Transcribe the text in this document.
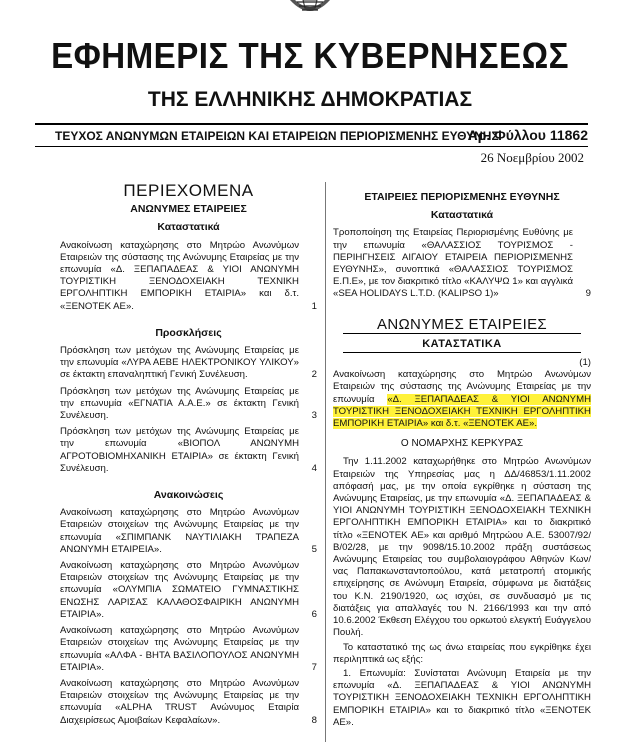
ΕΦΗΜΕΡΙΣ ΤΗΣ ΚΥΒΕΡΝΗΣΕΩΣ
ΤΗΣ ΕΛΛΗΝΙΚΗΣ ΔΗΜΟΚΡΑΤΙΑΣ
ΤΕΥΧΟΣ ΑΝΩΝΥΜΩΝ ΕΤΑΙΡΕΙΩΝ ΚΑΙ ΕΤΑΙΡΕΙΩΝ ΠΕΡΙΟΡΙΣΜΕΝΗΣ ΕΥΘΥΝΗΣ
Αρ. Φύλλου 11862
26 Νοεμβρίου 2002
ΠΕΡΙΕΧΟΜΕΝΑ
ΑΝΩΝΥΜΕΣ ΕΤΑΙΡΕΙΕΣ
Καταστατικά
Ανακοίνωση καταχώρησης στο Μητρώο Ανωνύμων Εταιρειών της σύστασης της Ανώνυμης Εταιρείας με την επωνυμία «Δ. ΞΕΠΑΠΑΔΕΑΣ & ΥΙΟΙ ΑΝΩΝΥΜΗ ΤΟΥΡΙΣΤΙΚΗ ΞΕΝΟΔΟΧΕΙΑΚΗ ΤΕΧΝΙΚΗ ΕΡΓΟΛΗΠΤΙΚΗ ΕΜΠΟΡΙΚΗ ΕΤΑΙΡΙΑ» και δ.τ. «ΞΕΝΟΤΕΚ ΑΕ».	1
Προσκλήσεις
Πρόσκληση των μετόχων της Ανώνυμης Εταιρείας με την επωνυμία «ΛΥΡΑ ΑΕΒΕ ΗΛΕΚΤΡΟΝΙΚΟΥ ΥΛΙΚΟΥ» σε έκτακτη επαναληπτική Γενική Συνέλευση.	2
Πρόσκληση των μετόχων της Ανώνυμης Εταιρείας με την επωνυμία «ΕΓΝΑΤΙΑ Α.Α.Ε.» σε έκτακτη Γενική Συνέλευση.	3
Πρόσκληση των μετόχων της Ανώνυμης Εταιρείας με την επωνυμία «ΒΙΟΠΟΛ ΑΝΩΝΥΜΗ ΑΓΡΟΤΟΒΙΟΜΗΧΑΝΙΚΗ ΕΤΑΙΡΙΑ» σε έκτακτη Γενική Συνέλευση.	4
Ανακοινώσεις
Ανακοίνωση καταχώρησης στο Μητρώο Ανωνύμων Εταιρειών στοιχείων της Ανώνυμης Εταιρείας με την επωνυμία «ΣΠΙΜΠΑΝΚ ΝΑΥΤΙΛΙΑΚΗ ΤΡΑΠΕΖΑ ΑΝΩΝΥΜΗ ΕΤΑΙΡΕΙΑ».	5
Ανακοίνωση καταχώρησης στο Μητρώο Ανωνύμων Εταιρειών στοιχείων της Ανώνυμης Εταιρείας με την επωνυμία «ΟΛΥΜΠΙΑ ΣΩΜΑΤΕΙΟ ΓΥΜΝΑΣΤΙΚΗΣ ΕΝΩΣΗΣ ΛΑΡΙΣΑΣ ΚΑΛΑΘΟΣΦΑΙΡΙΚΗ ΑΝΩΝΥΜΗ ΕΤΑΙΡΙΑ».	6
Ανακοίνωση καταχώρησης στο Μητρώο Ανωνύμων Εταιρειών στοιχείων της Ανώνυμης Εταιρείας με την επωνυμία «ΑΛΦΑ - ΒΗΤΑ ΒΑΣΙΛΟΠΟΥΛΟΣ ΑΝΩΝΥΜΗ ΕΤΑΙΡΙΑ».	7
Ανακοίνωση καταχώρησης στο Μητρώο Ανωνύμων Εταιρειών στοιχείων της Ανώνυμης Εταιρείας με την επωνυμία «ALPHA TRUST Ανώνυμος Εταιρία Διαχειρίσεως Αμοιβαίων Κεφαλαίων».	8
ΕΤΑΙΡΕΙΕΣ ΠΕΡΙΟΡΙΣΜΕΝΗΣ ΕΥΘΥΝΗΣ
Καταστατικά
Τροποποίηση της Εταιρείας Περιορισμένης Ευθύνης με την επωνυμία «ΘΑΛΑΣΣΙΟΣ ΤΟΥΡΙΣΜΟΣ - ΠΕΡΙΗΓΗΣΕΙΣ ΑΙΓΑΙΟΥ ΕΤΑΙΡΕΙΑ ΠΕΡΙΟΡΙΣΜΕΝΗΣ ΕΥΘΥΝΗΣ», συνοπτικά «ΘΑΛΑΣΣΙΟΣ ΤΟΥΡΙΣΜΟΣ Ε.Π.Ε», με τον διακριτικό τίτλο «ΚΑΛΥΨΩ 1» και αγγλικά «SEA HOLIDAYS L.T.D. (KALIPSO 1)»	9
ΑΝΩΝΥΜΕΣ ΕΤΑΙΡΕΙΕΣ
ΚΑΤΑΣΤΑΤΙΚΑ
(1)
Ανακοίνωση καταχώρησης στο Μητρώο Ανωνύμων Εταιρειών της σύστασης της Ανώνυμης Εταιρείας με την επωνυμία «Δ. ΞΕΠΑΠΑΔΕΑΣ & ΥΙΟΙ ΑΝΩΝΥΜΗ ΤΟΥΡΙΣΤΙΚΗ ΞΕΝΟΔΟΧΕΙΑΚΗ ΤΕΧΝΙΚΗ ΕΡΓΟΛΗΠΤΙΚΗ ΕΜΠΟΡΙΚΗ ΕΤΑΙΡΙΑ» και δ.τ. «ΞΕΝΟΤΕΚ ΑΕ».
Ο ΝΟΜΑΡΧΗΣ ΚΕΡΚΥΡΑΣ
Την 1.11.2002 καταχωρήθηκε στο Μητρώο Ανωνύμων Εταιρειών της Υπηρεσίας μας η ΔΔ/46853/1.11.2002 απόφασή μας, με την οποία εγκρίθηκε η σύσταση της Ανώνυμης Εταιρείας, με την επωνυμία «Δ. ΞΕΠΑΠΑΔΕΑΣ & ΥΙΟΙ ΑΝΩΝΥΜΗ ΤΟΥΡΙΣΤΙΚΗ ΞΕΝΟΔΟΧΕΙΑΚΗ ΤΕΧΝΙΚΗ ΕΡΓΟΛΗΠΤΙΚΗ ΕΜΠΟΡΙΚΗ ΕΤΑΙΡΙΑ» και το διακριτικό τίτλο «ΞΕΝΟΤΕΚ ΑΕ» και αριθμό Μητρώου Α.Ε. 53007/92/Β/02/28, με την 9098/15.10.2002 πράξη συστάσεως Ανώνυμης Εταιρείας του συμβολαιογράφου Αθηνών Κων/νας Παπακωνσταντοπούλου, κατά μετατροπή ατομικής επιχείρησης σε Ανώνυμη Εταιρεία, σύμφωνα με διατάξεις του Κ.Ν. 2190/1920, ως ισχύει, σε συνδυασμό με τις διατάξεις για απαλλαγές του Ν. 2166/1993 και την από 10.6.2002 Έκθεση Ελέγχου του ορκωτού ελεγκτή Ευάγγελου Πουλή.
Το καταστατικό της ως άνω εταιρείας που εγκρίθηκε έχει περιληπτικά ως εξής:
1. Επωνυμία: Συνίσταται Ανώνυμη Εταιρεία με την επωνυμία «Δ. ΞΕΠΑΠΑΔΕΑΣ & ΥΙΟΙ ΑΝΩΝΥΜΗ ΤΟΥΡΙΣΤΙΚΗ ΞΕΝΟΔΟΧΕΙΑΚΗ ΤΕΧΝΙΚΗ ΕΡΓΟΛΗΠΤΙΚΗ ΕΜΠΟΡΙΚΗ ΕΤΑΙΡΙΑ» και το διακριτικό τίτλο «ΞΕΝΟΤΕΚ ΑΕ».
